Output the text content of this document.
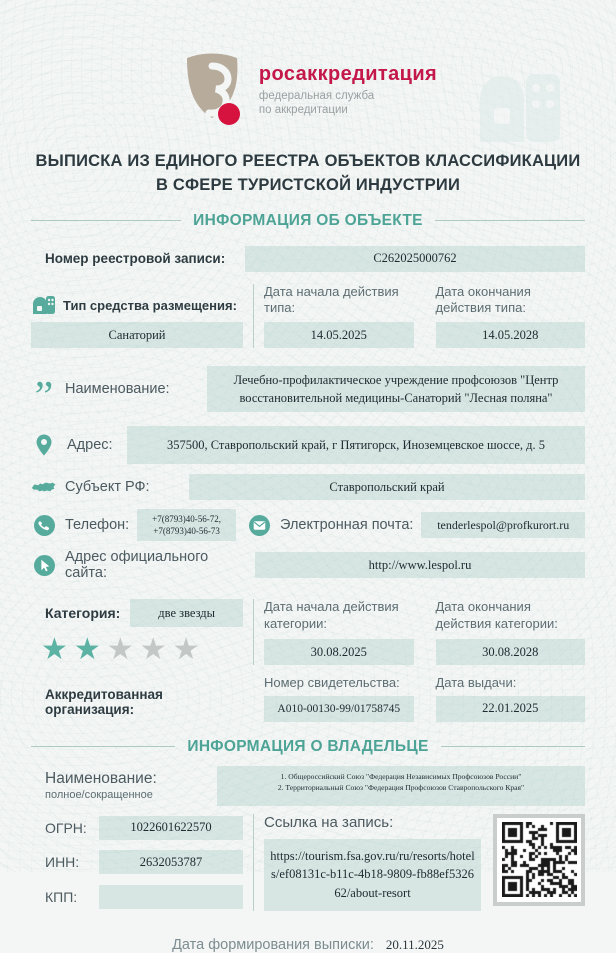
росаккредитация
федеральная служба
по аккредитации
ВЫПИСКА ИЗ ЕДИНОГО РЕЕСТРА ОБЪЕКТОВ КЛАССИФИКАЦИИ
В СФЕРЕ ТУРИСТСКОЙ ИНДУСТРИИ
ИНФОРМАЦИЯ ОБ ОБЪЕКТЕ
Номер реестровой записи:	C262025000762
Тип средства размещения:
Санаторий
Дата начала действия типа:
14.05.2025
Дата окончания действия типа:
14.05.2028
” Наименование:
Лечебно-профилактическое учреждение профсоюзов "Центр восстановительной медицины-Санаторий "Лесная поляна"
Адрес:	357500, Ставропольский край, г Пятигорск, Иноземцевское шоссе, д. 5
Субъект РФ:	Ставропольский край
Телефон:	+7(8793)40-56-72,
+7(8793)40-56-73	Электронная почта:	tenderlespol@profkurort.ru
Адрес официального сайта:
http://www.lespol.ru
Категория:	две звезды
★ ★ ★ ★ ★
Дата начала действия категории:
30.08.2025
Дата окончания действия категории:
30.08.2028
Аккредитованная организация:
Номер свидетельства:
A010-00130-99/01758745
Дата выдачи:
22.01.2025
ИНФОРМАЦИЯ О ВЛАДЕЛЬЦЕ
Наименование:
полное/сокращенное
1. Общероссийский Союз "Федерация Независимых Профсоюзов России"
2. Территориальный Союз "Федерация Профсоюзов Ставропольского Края"
ОГРН:	1022601622570
ИНН:	2632053787
КПП:
Ссылка на запись:
https://tourism.fsa.gov.ru/ru/resorts/hotels/ef08131c-b11c-4b18-9809-fb88ef532662/about-resort
Дата формирования выписки: 20.11.2025
